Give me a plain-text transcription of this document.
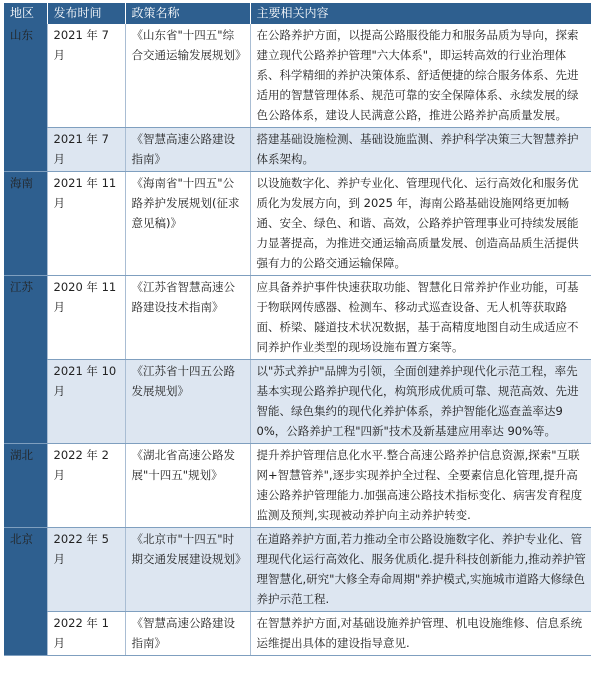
地区	发布时间	政策名称	主要相关内容
山东	2021 年 7 月	《山东省"十四五"综合交通运输发展规划》	在公路养护方面，以提高公路服役能力和服务品质为导向，探索建立现代公路养护管理"六大体系"，即运转高效的行业治理体系、科学精细的养护决策体系、舒适便捷的综合服务体系、先进适用的智慧管理体系、规范可靠的安全保障体系、永续发展的绿色公路体系，建设人民满意公路，推进公路养护高质量发展。
	2021 年 7 月	《智慧高速公路建设指南》	搭建基础设施检测、基础设施监测、养护科学决策三大智慧养护体系架构。
海南	2021 年 11 月	《海南省"十四五"公路养护发展规划(征求意见稿)》	以设施数字化、养护专业化、管理现代化、运行高效化和服务优质化为发展方向，到 2025 年，海南公路基础设施网络更加畅通、安全、绿色、和谐、高效，公路养护管理事业可持续发展能力显著提高，为推进交通运输高质量发展、创造高品质生活提供强有力的公路交通运输保障。
江苏	2020 年 11 月	《江苏省智慧高速公路建设技术指南》	应具备养护事件快速获取功能、智慧化日常养护作业功能，可基于物联网传感器、检测车、移动式巡查设备、无人机等获取路面、桥梁、隧道技术状况数据，基于高精度地图自动生成适应不同养护作业类型的现场设施布置方案等。
	2021 年 10 月	《江苏省十四五公路发展规划》	以"苏式养护"品牌为引领，全面创建养护现代化示范工程，率先基本实现公路养护现代化，构筑形成优质可靠、规范高效、先进智能、绿色集约的现代化养护体系，养护智能化巡查盖率达90%，公路养护工程"四新"技术及新基建应用率达 90%等。
湖北	2022 年 2 月	《湖北省高速公路发展"十四五"规划》	提升养护管理信息化水平.整合高速公路养护信息资源,探索"互联网+智慧管养",逐步实现养护全过程、全要素信息化管理,提升高速公路养护管理能力.加强高速公路技术指标变化、病害发育程度监测及预判,实现被动养护向主动养护转变.
北京	2022 年 5 月	《北京市"十四五"时期交通发展建设规划》	在道路养护方面,若力推动全市公路设施数字化、养护专业化、管理现代化运行高效化、服务优质化.提升科技创新能力,推动养护管理智慧化,研究"大修全寿命周期"养护模式,实施城市道路大修绿色养护示范工程.
	2022 年 1 月	《智慧高速公路建设指南》	在智慧养护方面,对基础设施养护管理、机电设施维修、信息系统运维提出具体的建设指导意见.
